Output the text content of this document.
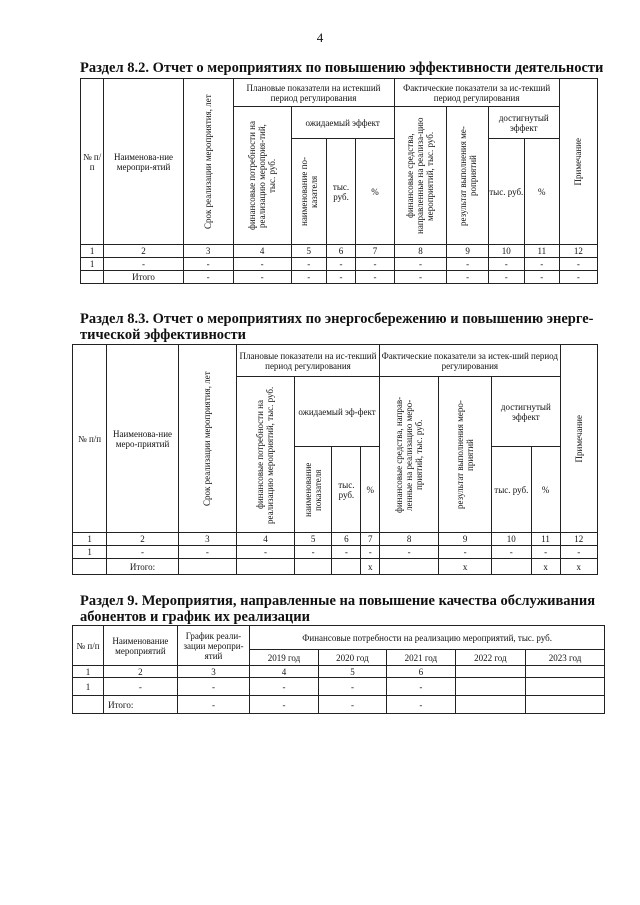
4
Раздел 8.2. Отчет о мероприятиях по повышению эффективности деятельности
№ п/п	Наименова-ние меропри-ятий	Срок реализации мероприятия, лет	Плановые показатели на истекший период регулирования				Фактические показатели за ис-текший период регулирования				Примечание

			финансовые потребности на реализацию мероприя-тий, тыс. руб.	ожидаемый эффект			финансовые средства, направленные на реализа-цию мероприятий, тыс. руб.	результат выполнения ме-роприятий	достигнутый эффект		

				наименование по-казателя	тыс. руб.	%			тыс. руб.	%	
1	2	3	4	5	6	7	8	9	10	11	12
1	-	-	-	-	-	-	-	-	-	-	-
	Итого	-	-	-	-	-	-	-	-	-	-
Раздел 8.3. Отчет о мероприятиях по энергосбережению и повышению энерге-тической эффективности
№ п/п	Наименова-ние меро-приятий	Срок реализации мероприятия, лет	Плановые показатели на ис-текший период регулирования				Фактические показатели за истек-ший период регулирования				Примечание

			финансовые потребности на реализацию мероприятий, тыс. руб.	ожидаемый эф-фект			финансовые средства, направ-ленные на реализацию меро-приятий, тыс. руб.	результат выполнения меро-приятий	достигнутый эффект		

				наименование показателя	тыс. руб.	%			тыс. руб.	%	
1	2	3	4	5	6	7	8	9	10	11	12
1	-	-	-	-	-	-	-	-	-	-	-
	Итого:					x		x		x	x
Раздел 9. Мероприятия, направленные на повышение качества обслуживания абонентов и график их реализации
№ п/п	Наименование мероприятий	График реали-зации меропри-ятий	Финансовые потребности на реализацию мероприятий, тыс. руб.				
			2019 год	2020 год	2021 год	2022 год	2023 год
1	2	3	4	5	6		
1	-	-	-	-	-		
	Итого:	-	-	-	-		
